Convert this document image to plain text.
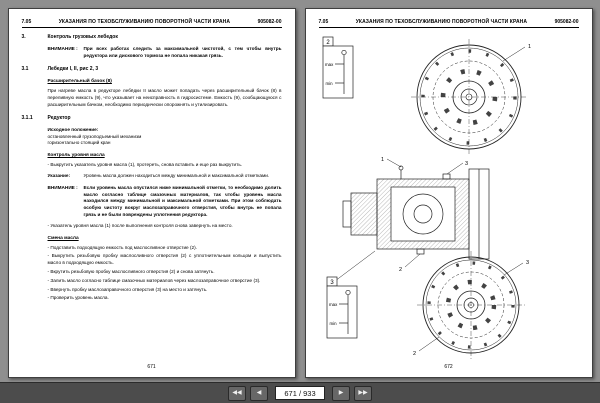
7.05	УКАЗАНИЯ ПО ТЕХОБСЛУЖИВАНИЮ ПОВОРОТНОЙ ЧАСТИ КРАНА	905082-00
3.	Контроль грузовых лебедок
ВНИМАНИЕ :	При всех работах следить за максимальной чистотой, с тем чтобы внутрь редуктора или дискового тормоза не попала никакая грязь.
3.1	Лебедки I, II, рис 2, 3
Расширительный бачок (8)
При нагреве масла в редукторе лебёдки II масло может попадать через расширительный бачок (8) в переливную емкость (9), что указывает на неисправность в гидросистеме. Емкость (9), сообщающуюся с расширительным бачком, необходимо периодически опорожнять и утилизировать.
3.1.1	Редуктор
Исходное положение:
остановленный грузоподъемный механизм
горизонтально стоящий кран
Контроль уровня масла
- Выкрутить указатель уровня масла (1), протереть, снова вставить и еще раз выкрутить.
Указание:	Уровень масла должен находиться между минимальной и максимальной отметками.
ВНИМАНИЕ :	Если уровень масла опустился ниже минимальной отметки, то необходимо долить масло согласно таблице смазочных материалов, так чтобы уровень масла находился между минимальной и максимальной отметками. При этом соблюдать особую чистоту вокруг маслозаправочного отверстия, чтобы внутрь не попала грязь и не были повреждены уплотнения редуктора.
- Указатель уровня масла (1) после выполнения контроля снова завернуть на место.
Смена масла
- Подставить подходящую емкость под маслосливное отверстие (2).
- Выкрутить резьбовую пробку маслосливного отверстия (2) с уплотнительным кольцом и выпустить масло в подходящую емкость.
- Вкрутить резьбовую пробку маслосливного отверстия (2) и снова затянуть.
- Залить масло согласно таблице смазочных материалов через маслозаправочное отверстие (3).
- Ввернуть пробку маслозаправочного отверстия (3) на место и затянуть.
- Проверить уровень масла.
671
7.05	УКАЗАНИЯ ПО ТЕХОБСЛУЖИВАНИЮ ПОВОРОТНОЙ ЧАСТИ КРАНА	905082-00
2
max
min
1
1
2
3
3
max
min
2
3
672
◀◀	◀	671 / 933	▶	▶▶
